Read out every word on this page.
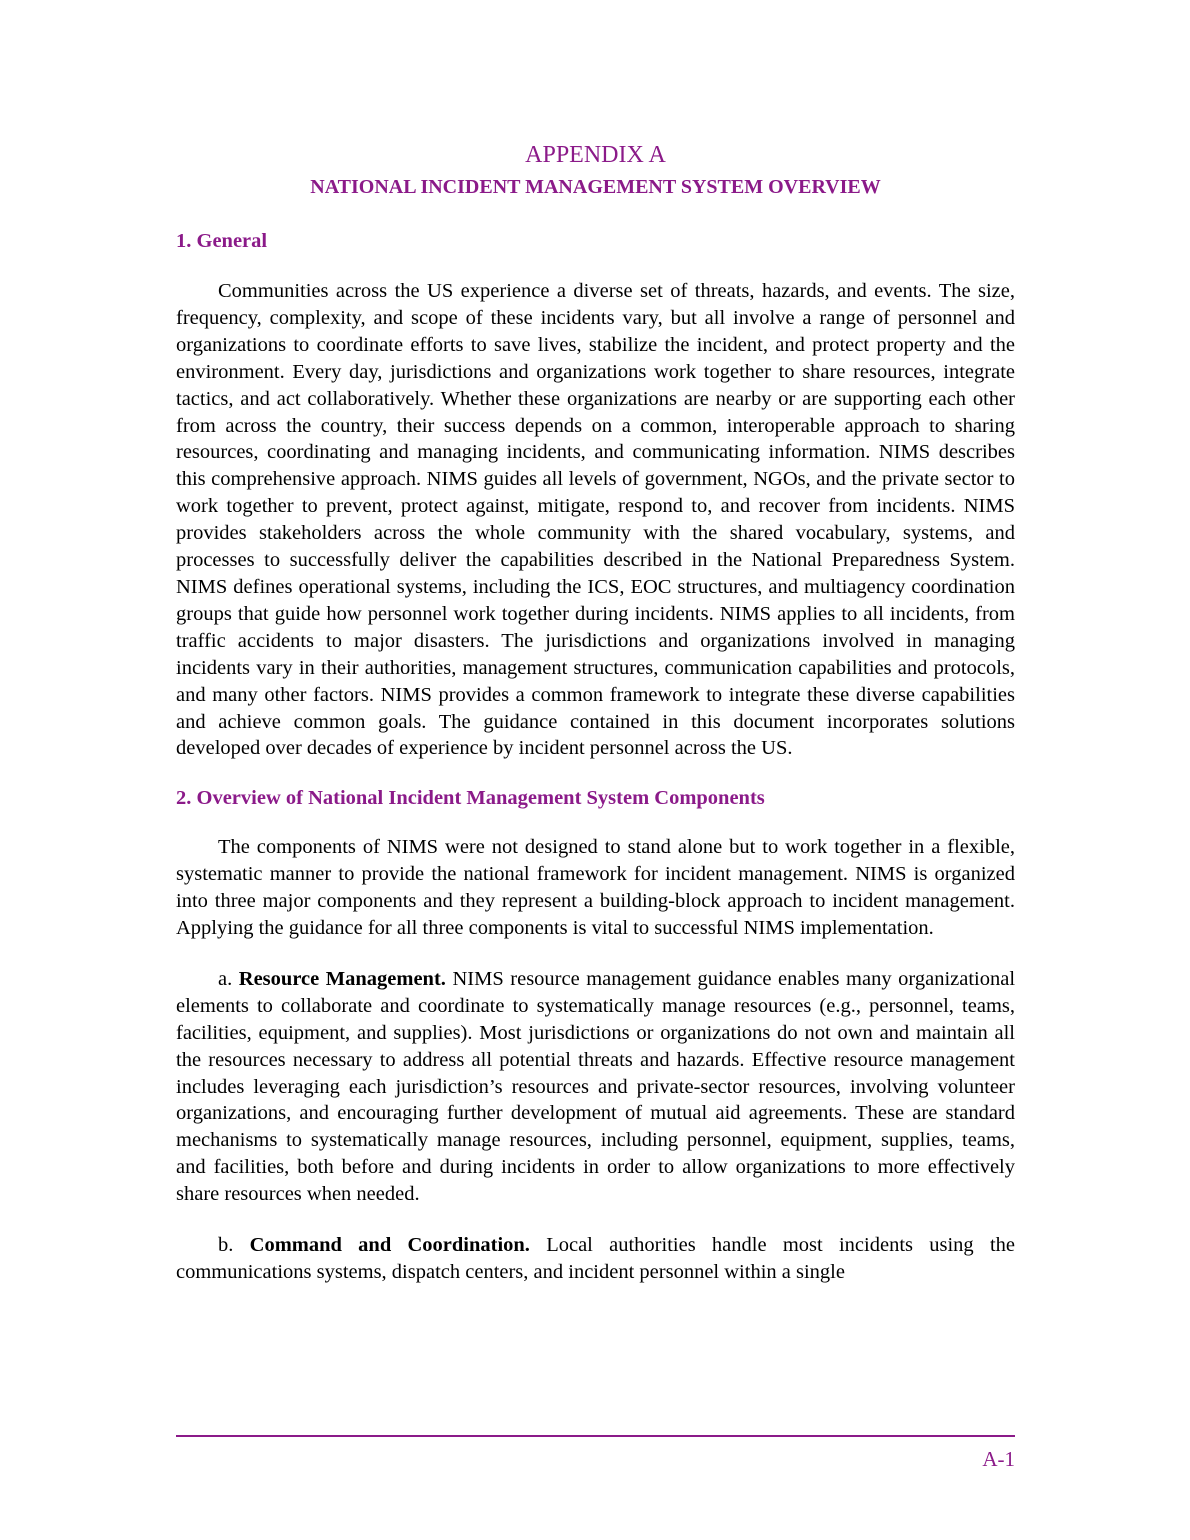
APPENDIX A

NATIONAL INCIDENT MANAGEMENT SYSTEM OVERVIEW

1. General

Communities across the US experience a diverse set of threats, hazards, and events. The size, frequency, complexity, and scope of these incidents vary, but all involve a range of personnel and organizations to coordinate efforts to save lives, stabilize the incident, and protect property and the environment. Every day, jurisdictions and organizations work together to share resources, integrate tactics, and act collaboratively. Whether these organizations are nearby or are supporting each other from across the country, their success depends on a common, interoperable approach to sharing resources, coordinating and managing incidents, and communicating information. NIMS describes this comprehensive approach. NIMS guides all levels of government, NGOs, and the private sector to work together to prevent, protect against, mitigate, respond to, and recover from incidents. NIMS provides stakeholders across the whole community with the shared vocabulary, systems, and processes to successfully deliver the capabilities described in the National Preparedness System. NIMS defines operational systems, including the ICS, EOC structures, and multiagency coordination groups that guide how personnel work together during incidents. NIMS applies to all incidents, from traffic accidents to major disasters. The jurisdictions and organizations involved in managing incidents vary in their authorities, management structures, communication capabilities and protocols, and many other factors. NIMS provides a common framework to integrate these diverse capabilities and achieve common goals. The guidance contained in this document incorporates solutions developed over decades of experience by incident personnel across the US.

2. Overview of National Incident Management System Components

The components of NIMS were not designed to stand alone but to work together in a flexible, systematic manner to provide the national framework for incident management. NIMS is organized into three major components and they represent a building-block approach to incident management. Applying the guidance for all three components is vital to successful NIMS implementation.

a. Resource Management. NIMS resource management guidance enables many organizational elements to collaborate and coordinate to systematically manage resources (e.g., personnel, teams, facilities, equipment, and supplies). Most jurisdictions or organizations do not own and maintain all the resources necessary to address all potential threats and hazards. Effective resource management includes leveraging each jurisdiction’s resources and private-sector resources, involving volunteer organizations, and encouraging further development of mutual aid agreements. These are standard mechanisms to systematically manage resources, including personnel, equipment, supplies, teams, and facilities, both before and during incidents in order to allow organizations to more effectively share resources when needed.

b. Command and Coordination. Local authorities handle most incidents using the communications systems, dispatch centers, and incident personnel within a single

A-1
